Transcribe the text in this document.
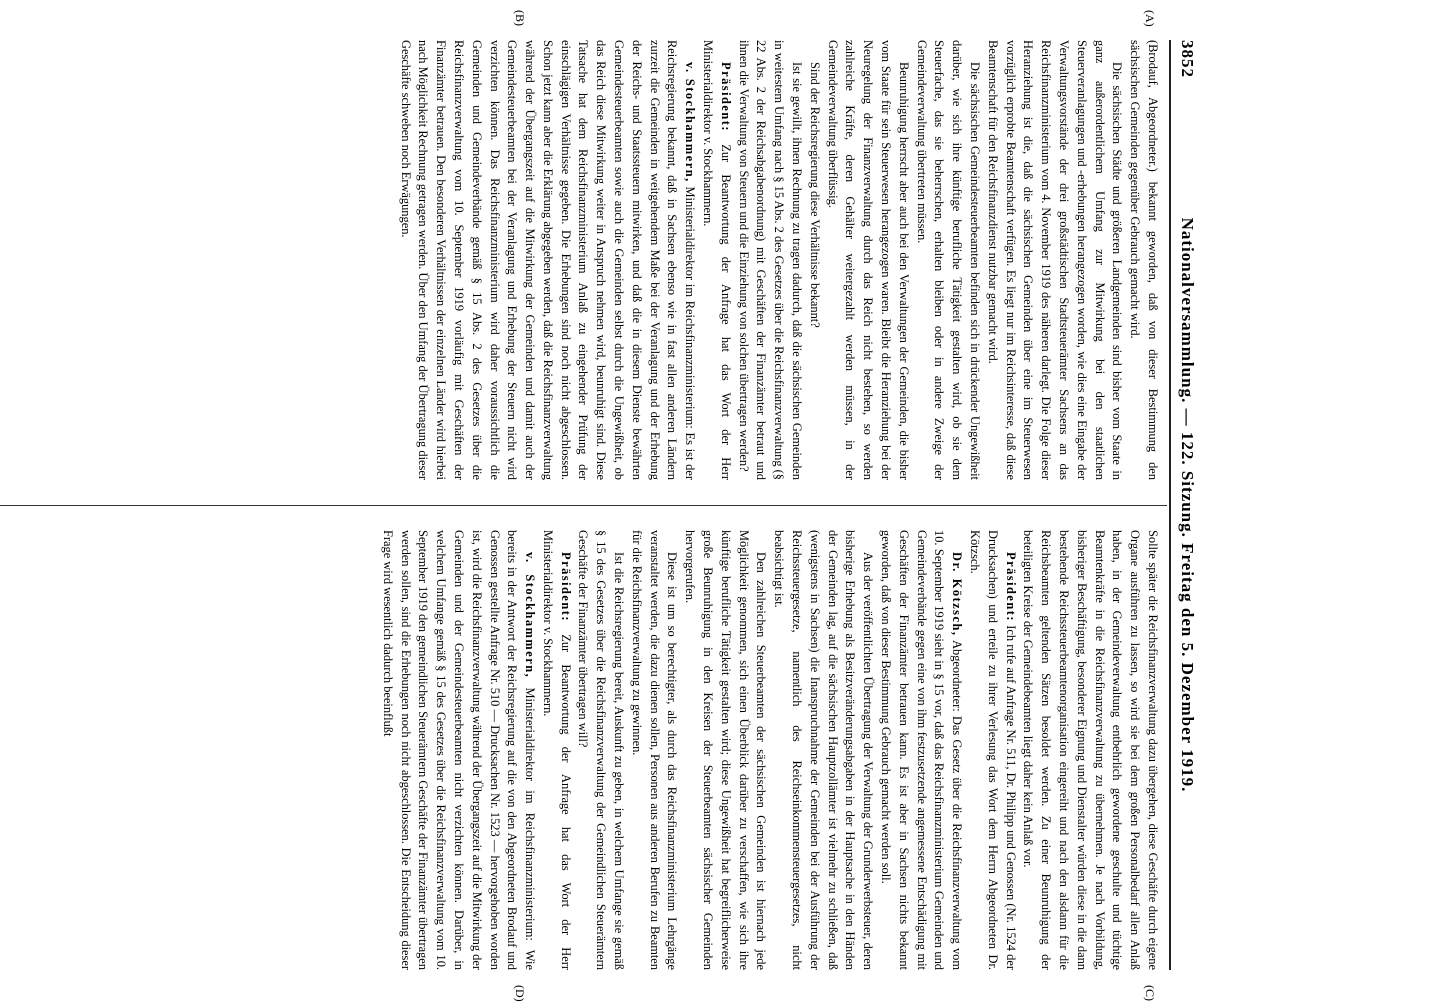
3852
Nationalversammlung. — 122. Sitzung. Freitag den 5. Dezember 1919.
(A)
(B)
(C)
(D)

(Brodauf, Abgeordneter.) bekannt geworden, daß von dieser Bestimmung den sächsischen Gemeinden gegenüber Gebrauch gemacht wird.

Die sächsischen Städte und größeren Landgemeinden sind bisher vom Staate in ganz außerordentlichem Umfang zur Mitwirkung bei den staatlichen Steuerveranlagungen und -erhebungen herangezogen worden, wie dies eine Eingabe der Verwaltungsvorstände der drei großstädtischen Stadtsteuerämter Sachsens an das Reichsfinanzministerium vom 4. November 1919 des näheren darlegt. Die Folge dieser Heranziehung ist die, daß die sächsischen Gemeinden über eine im Steuerwesen vorzüglich erprobte Beamtenschaft verfügen. Es liegt nur im Reichsinteresse, daß diese Beamtenschaft für den Reichsfinanzdienst nutzbar gemacht wird.

Die sächsischen Gemeindesteuerbeamten befinden sich in drückender Ungewißheit darüber, wie sich ihre künftige berufliche Tätigkeit gestalten wird, ob sie dem Steuerfache, das sie beherrschen, erhalten bleiben oder in andere Zweige der Gemeindeverwaltung übertreten müssen.

Beunruhigung herrscht aber auch bei den Verwaltungen der Gemeinden, die bisher vom Staate für sein Steuerwesen herangezogen waren. Bleibt die Heranziehung bei der Neuregelung der Finanzverwaltung durch das Reich nicht bestehen, so werden zahlreiche Kräfte, deren Gehälter weitergezahlt werden müssen, in der Gemeindeverwaltung überflüssig.

Sind der Reichsregierung diese Verhältnisse bekannt?

Ist sie gewillt, ihnen Rechnung zu tragen dadurch, daß die sächsischen Gemeinden in weitestem Umfang nach § 15 Abs. 2 des Gesetzes über die Reichsfinanzverwaltung (§ 22 Abs. 2 der Reichsabgabenordnung) mit Geschäften der Finanzämter betraut und ihnen die Verwaltung von Steuern und die Einziehung von solchen übertragen werden?

Präsident: Zur Beantwortung der Anfrage hat das Wort der Herr Ministerialdirektor v. Stockhammern.

v. Stockhammern, Ministerialdirektor im Reichsfinanzministerium: Es ist der Reichsregierung bekannt, daß in Sachsen ebenso wie in fast allen anderen Ländern zurzeit die Gemeinden in weitgehendem Maße bei der Veranlagung und der Erhebung der Reichs- und Staatssteuern mitwirken, und daß die in diesem Dienste bewährten Gemeindesteuerbeamten sowie auch die Gemeinden selbst durch die Ungewißheit, ob das Reich diese Mitwirkung weiter in Anspruch nehmen wird, beunruhigt sind. Diese Tatsache hat dem Reichsfinanzministerium Anlaß zu eingehender Prüfung der einschlägigen Verhältnisse gegeben. Die Erhebungen sind noch nicht abgeschlossen. Schon jetzt kann aber die Erklärung abgegeben werden, daß die Reichsfinanzverwaltung während der Übergangszeit auf die Mitwirkung der Gemeinden und damit auch der Gemeindesteuerbeamten bei der Veranlagung und Erhebung der Steuern nicht wird verzichten können. Das Reichsfinanzministerium wird daher voraussichtlich die Gemeinden und Gemeindeverbände gemäß § 15 Abs. 2 des Gesetzes über die Reichsfinanzverwaltung vom 10. September 1919 vorläufig mit Geschäften der Finanzämter betrauen. Den besonderen Verhältnissen der einzelnen Länder wird hierbei nach Möglichkeit Rechnung getragen werden. Über den Umfang der Übertragung dieser Geschäfte schweben noch Erwägungen.

Sollte später die Reichsfinanzverwaltung dazu übergehen, diese Geschäfte durch eigene Organe ausführen zu lassen, so wird sie bei dem großen Personalbedarf allen Anlaß haben, in der Gemeindeverwaltung entbehrlich gewordene geschulte und tüchtige Beamtenkräfte in die Reichsfinanzverwaltung zu übernehmen. Je nach Vorbildung, bisheriger Beschäftigung, besonderer Eignung und Dienstalter würden diese in die dann bestehende Reichssteuerbeamtenorganisation eingereiht und nach den alsdann für die Reichsbeamten geltenden Sätzen besoldet werden. Zu einer Beunruhigung der beteiligten Kreise der Gemeindebeamten liegt daher kein Anlaß vor.

Präsident: Ich rufe auf Anfrage Nr. 511, Dr. Philipp und Genossen (Nr. 1524 der Drucksachen) und erteile zu ihrer Verlesung das Wort dem Herrn Abgeordneten Dr. Kötzsch.

Dr. Kötzsch, Abgeordneter: Das Gesetz über die Reichsfinanzverwaltung vom 10. September 1919 sieht in § 15 vor, daß das Reichsfinanzministerium Gemeinden und Gemeindeverbände gegen eine von ihm festzusetzende angemessene Entschädigung mit Geschäften der Finanzämter betrauen kann. Es ist aber in Sachsen nichts bekannt geworden, daß von dieser Bestimmung Gebrauch gemacht werden soll.

Aus der veröffentlichten Übertragung der Verwaltung der Grunderwerbsteuer, deren bisherige Erhebung als Besitzveränderungsabgaben in der Hauptsache in den Händen der Gemeinden lag, auf die sächsischen Hauptzollämter ist vielmehr zu schließen, daß (wenigstens in Sachsen) die Inanspruchnahme der Gemeinden bei der Ausführung der Reichssteuergesetze, namentlich des Reichseinkommensteuergesetzes, nicht beabsichtigt ist.

Den zahlreichen Steuerbeamten der sächsischen Gemeinden ist hiernach jede Möglichkeit genommen, sich einen Überblick darüber zu verschaffen, wie sich ihre künftige berufliche Tätigkeit gestalten wird; diese Ungewißheit hat begreiflicherweise große Beunruhigung in den Kreisen der Steuerbeamten sächsischer Gemeinden hervorgerufen.

Diese ist um so berechtigter, als durch das Reichsfinanzministerium Lehrgänge veranstaltet werden, die dazu dienen sollen, Personen aus anderen Berufen zu Beamten für die Reichsfinanzverwaltung zu gewinnen.

Ist die Reichsregierung bereit, Auskunft zu geben, in welchem Umfange sie gemäß § 15 des Gesetzes über die Reichsfinanzverwaltung der Gemeindlichen Steuerämtern Geschäfte der Finanzämter übertragen will?

Präsident: Zur Beantwortung der Anfrage hat das Wort der Herr Ministerialdirektor v. Stockhammern.

v. Stockhammern, Ministerialdirektor im Reichsfinanzministerium: Wie bereits in der Antwort der Reichsregierung auf die von den Abgeordneten Brodauf und Genossen gestellte Anfrage Nr. 510 — Drucksachen Nr. 1523 — hervorgehoben worden ist, wird die Reichsfinanzverwaltung während der Übergangszeit auf die Mitwirkung der Gemeinden und der Gemeindesteuerbeamten nicht verzichten können. Darüber, in welchem Umfange gemäß § 15 des Gesetzes über die Reichsfinanzverwaltung vom 10. September 1919 den gemeindlichen Steuerämtern Geschäfte der Finanzämter übertragen werden sollen, sind die Erhebungen noch nicht abgeschlossen. Die Entscheidung dieser Frage wird wesentlich dadurch beeinflußt
